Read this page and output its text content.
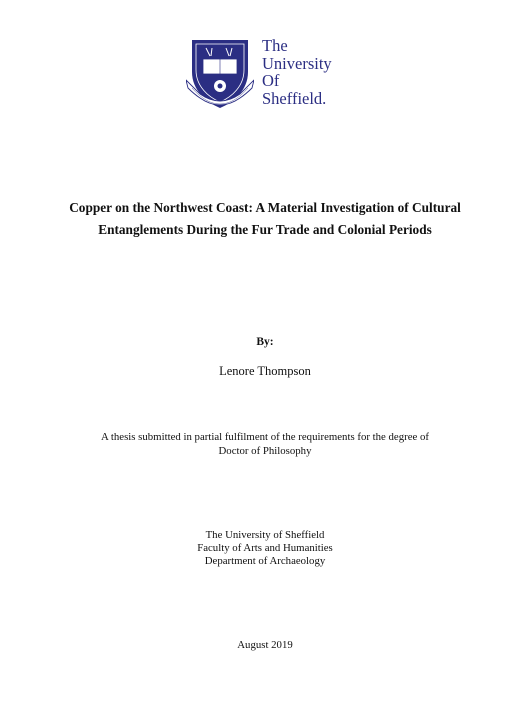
The
University
Of
Sheffield.
Copper on the Northwest Coast: A Material Investigation of Cultural
Entanglements During the Fur Trade and Colonial Periods
By:
Lenore Thompson
A thesis submitted in partial fulfilment of the requirements for the degree of
Doctor of Philosophy
The University of Sheffield
Faculty of Arts and Humanities
Department of Archaeology
August 2019
